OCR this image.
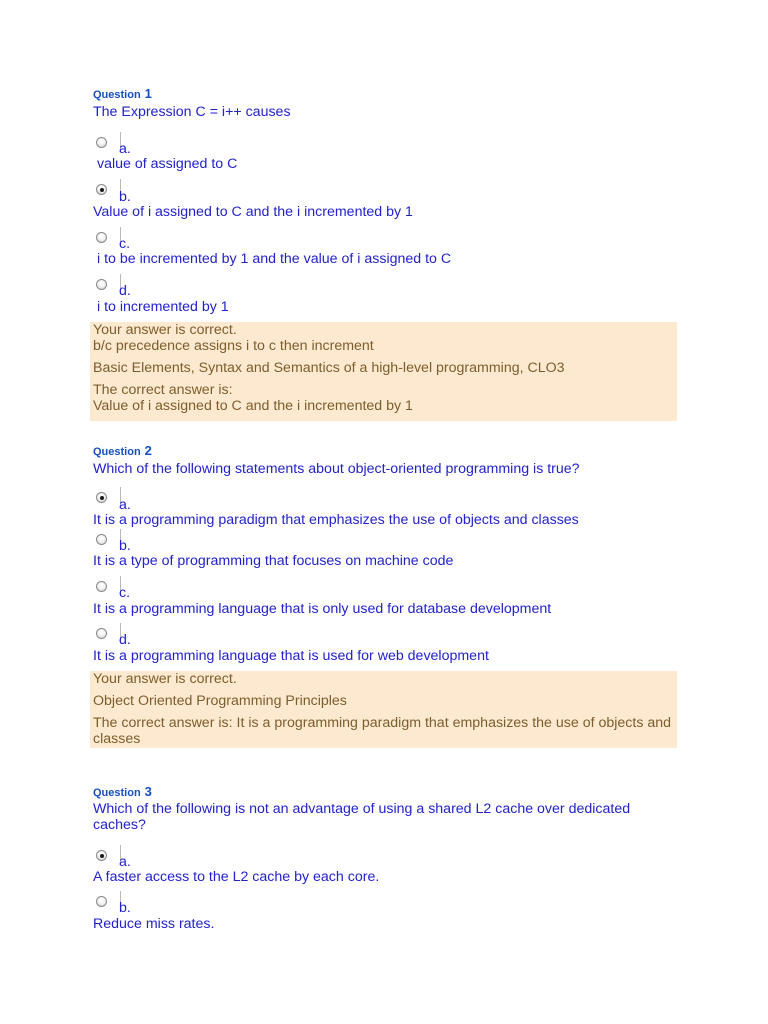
Question 1
The Expression C = i++ causes
a.
value of assigned to C
b.
Value of i assigned to C and the i incremented by 1
c.
i to be incremented by 1 and the value of i assigned to C
d.
i to incremented by 1
Your answer is correct.
b/c precedence assigns i to c then increment
Basic Elements, Syntax and Semantics of a high-level programming, CLO3
The correct answer is:
Value of i assigned to C and the i incremented by 1
Question 2
Which of the following statements about object-oriented programming is true?
a.
It is a programming paradigm that emphasizes the use of objects and classes
b.
It is a type of programming that focuses on machine code
c.
It is a programming language that is only used for database development
d.
It is a programming language that is used for web development
Your answer is correct.
Object Oriented Programming Principles
The correct answer is: It is a programming paradigm that emphasizes the use of objects and classes
Question 3
Which of the following is not an advantage of using a shared L2 cache over dedicated caches?
a.
A faster access to the L2 cache by each core.
b.
Reduce miss rates.
